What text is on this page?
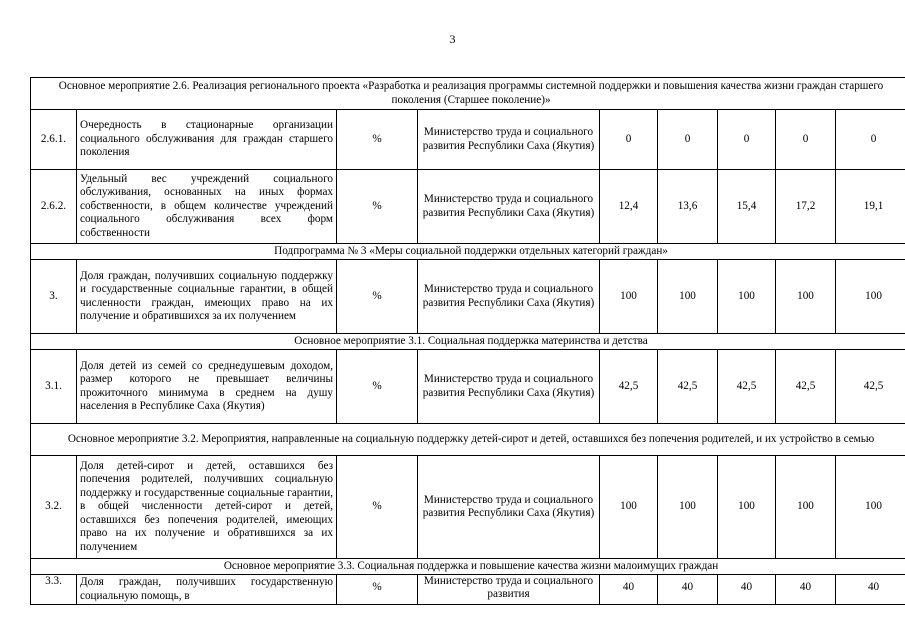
3
Основное мероприятие 2.6. Реализация регионального проекта «Разработка и реализация программы системной поддержки и повышения качества жизни граждан старшего поколения (Старшее поколение)»								
2.6.1.	Очередность в стационарные организации социального обслуживания для граждан старшего поколения	%	Министерство труда и социального развития Республики Саха (Якутия)	0	0	0	0	0
2.6.2.	Удельный вес учреждений социального обслуживания, основанных на иных формах собственности, в общем количестве учреждений социального обслуживания всех форм собственности	%	Министерство труда и социального развития Республики Саха (Якутия)	12,4	13,6	15,4	17,2	19,1
Подпрограмма № 3 «Меры социальной поддержки отдельных категорий граждан»								
3.	Доля граждан, получивших социальную поддержку и государственные социальные гарантии, в общей численности граждан, имеющих право на их получение и обратившихся за их получением	%	Министерство труда и социального развития Республики Саха (Якутия)	100	100	100	100	100
Основное мероприятие 3.1. Социальная поддержка материнства и детства								
3.1.	Доля детей из семей со среднедушевым доходом, размер которого не превышает величины прожиточного минимума в среднем на душу населения в Республике Саха (Якутия)	%	Министерство труда и социального развития Республики Саха (Якутия)	42,5	42,5	42,5	42,5	42,5
Основное мероприятие 3.2. Мероприятия, направленные на социальную поддержку детей-сирот и детей, оставшихся без попечения родителей, и их устройство в семью								
3.2.	Доля детей-сирот и детей, оставшихся без попечения родителей, получивших социальную поддержку и государственные социальные гарантии, в общей численности детей-сирот и детей, оставшихся без попечения родителей, имеющих право на их получение и обратившихся за их получением	%	Министерство труда и социального развития Республики Саха (Якутия)	100	100	100	100	100
Основное мероприятие 3.3. Социальная поддержка и повышение качества жизни малоимущих граждан								
3.3.	Доля граждан, получивших государственную социальную помощь, в	%	Министерство труда и социального развития	40	40	40	40	40
